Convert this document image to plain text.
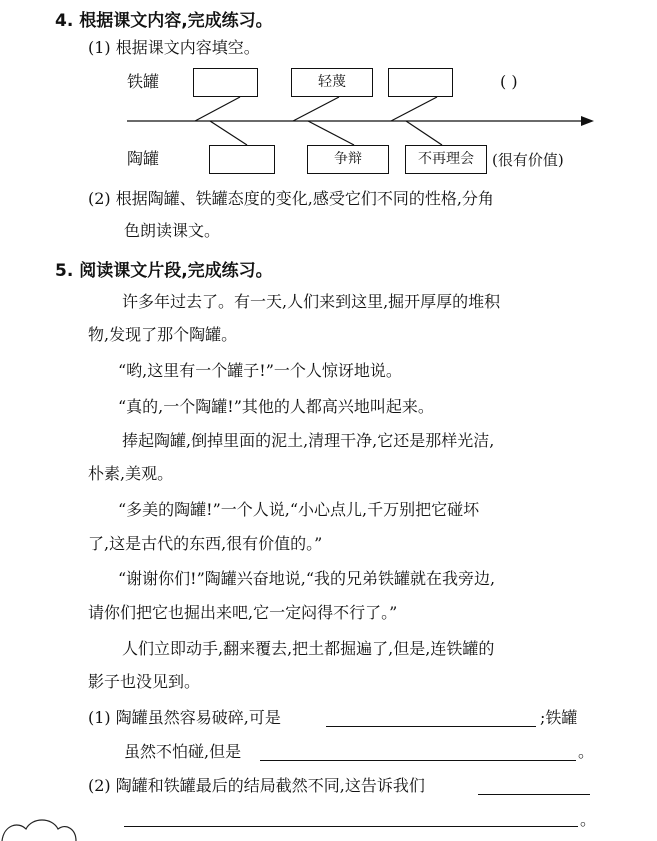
4. 根据课文内容,完成练习。
(1) 根据课文内容填空。
铁罐	轻蔑	( )
陶罐	争辩	不再理会	(很有价值)
(2) 根据陶罐、铁罐态度的变化,感受它们不同的性格,分角
色朗读课文。
5. 阅读课文片段,完成练习。
许多年过去了。有一天,人们来到这里,掘开厚厚的堆积
物,发现了那个陶罐。
“哟,这里有一个罐子!”一个人惊讶地说。
“真的,一个陶罐!”其他的人都高兴地叫起来。
捧起陶罐,倒掉里面的泥土,清理干净,它还是那样光洁,
朴素,美观。
“多美的陶罐!”一个人说,“小心点儿,千万别把它碰坏
了,这是古代的东西,很有价值的。”
“谢谢你们!”陶罐兴奋地说,“我的兄弟铁罐就在我旁边,
请你们把它也掘出来吧,它一定闷得不行了。”
人们立即动手,翻来覆去,把土都掘遍了,但是,连铁罐的
影子也没见到。
(1) 陶罐虽然容易破碎,可是	;铁罐
虽然不怕碰,但是	。
(2) 陶罐和铁罐最后的结局截然不同,这告诉我们
。
